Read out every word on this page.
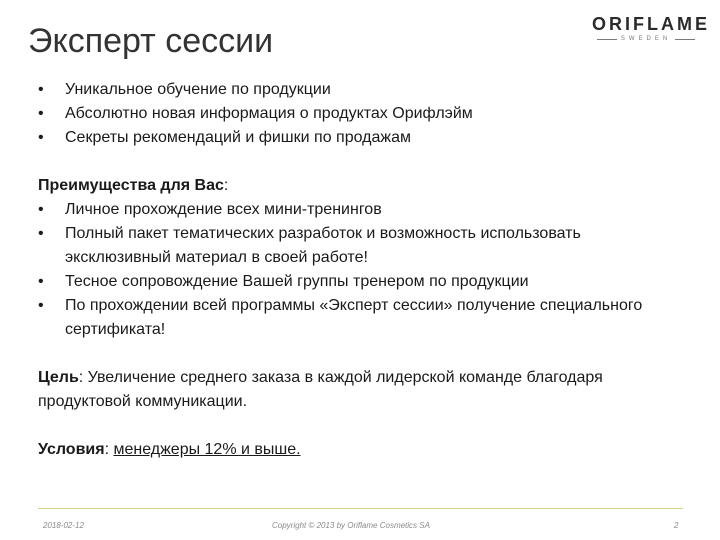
Эксперт сессии	ORIFLAME
SWEDEN
• Уникальное обучение по продукции
• Абсолютно новая информация о продуктах Орифлэйм
• Секреты рекомендаций и фишки по продажам
Преимущества для Вас:
• Личное прохождение всех мини-тренингов
• Полный пакет тематических разработок и возможность использовать эксклюзивный материал в своей работе!
• Тесное сопровождение Вашей группы тренером по продукции
• По прохождении всей программы «Эксперт сессии» получение специального сертификата!
Цель: Увеличение среднего заказа в каждой лидерской команде благодаря продуктовой коммуникации.
Условия: менеджеры 12% и выше.
2018-02-12	Copyright © 2013 by Oriflame Cosmetics SA	2
